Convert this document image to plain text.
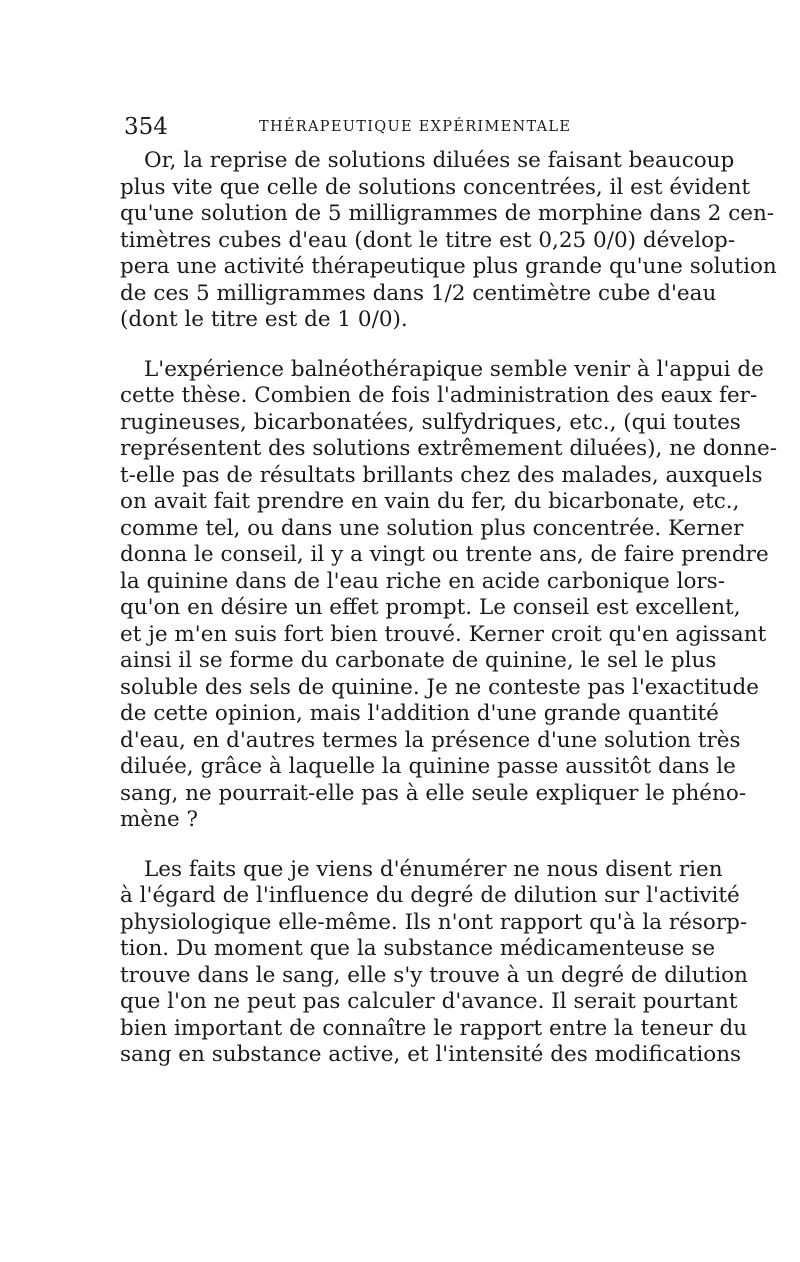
354	THÉRAPEUTIQUE EXPÉRIMENTALE

Or, la reprise de solutions diluées se faisant beaucoup
plus vite que celle de solutions concentrées, il est évident
qu'une solution de 5 milligrammes de morphine dans 2 cen-
timètres cubes d'eau (dont le titre est 0,25 0/0) dévelop-
pera une activité thérapeutique plus grande qu'une solution
de ces 5 milligrammes dans 1/2 centimètre cube d'eau
(dont le titre est de 1 0/0).

L'expérience balnéothérapique semble venir à l'appui de
cette thèse. Combien de fois l'administration des eaux fer-
rugineuses, bicarbonatées, sulfydriques, etc., (qui toutes
représentent des solutions extrêmement diluées), ne donne-
t-elle pas de résultats brillants chez des malades, auxquels
on avait fait prendre en vain du fer, du bicarbonate, etc.,
comme tel, ou dans une solution plus concentrée. Kerner
donna le conseil, il y a vingt ou trente ans, de faire prendre
la quinine dans de l'eau riche en acide carbonique lors-
qu'on en désire un effet prompt. Le conseil est excellent,
et je m'en suis fort bien trouvé. Kerner croit qu'en agissant
ainsi il se forme du carbonate de quinine, le sel le plus
soluble des sels de quinine. Je ne conteste pas l'exactitude
de cette opinion, mais l'addition d'une grande quantité
d'eau, en d'autres termes la présence d'une solution très
diluée, grâce à laquelle la quinine passe aussitôt dans le
sang, ne pourrait-elle pas à elle seule expliquer le phéno-
mène ?

Les faits que je viens d'énumérer ne nous disent rien
à l'égard de l'influence du degré de dilution sur l'activité
physiologique elle-même. Ils n'ont rapport qu'à la résorp-
tion. Du moment que la substance médicamenteuse se
trouve dans le sang, elle s'y trouve à un degré de dilution
que l'on ne peut pas calculer d'avance. Il serait pourtant
bien important de connaître le rapport entre la teneur du
sang en substance active, et l'intensité des modifications
